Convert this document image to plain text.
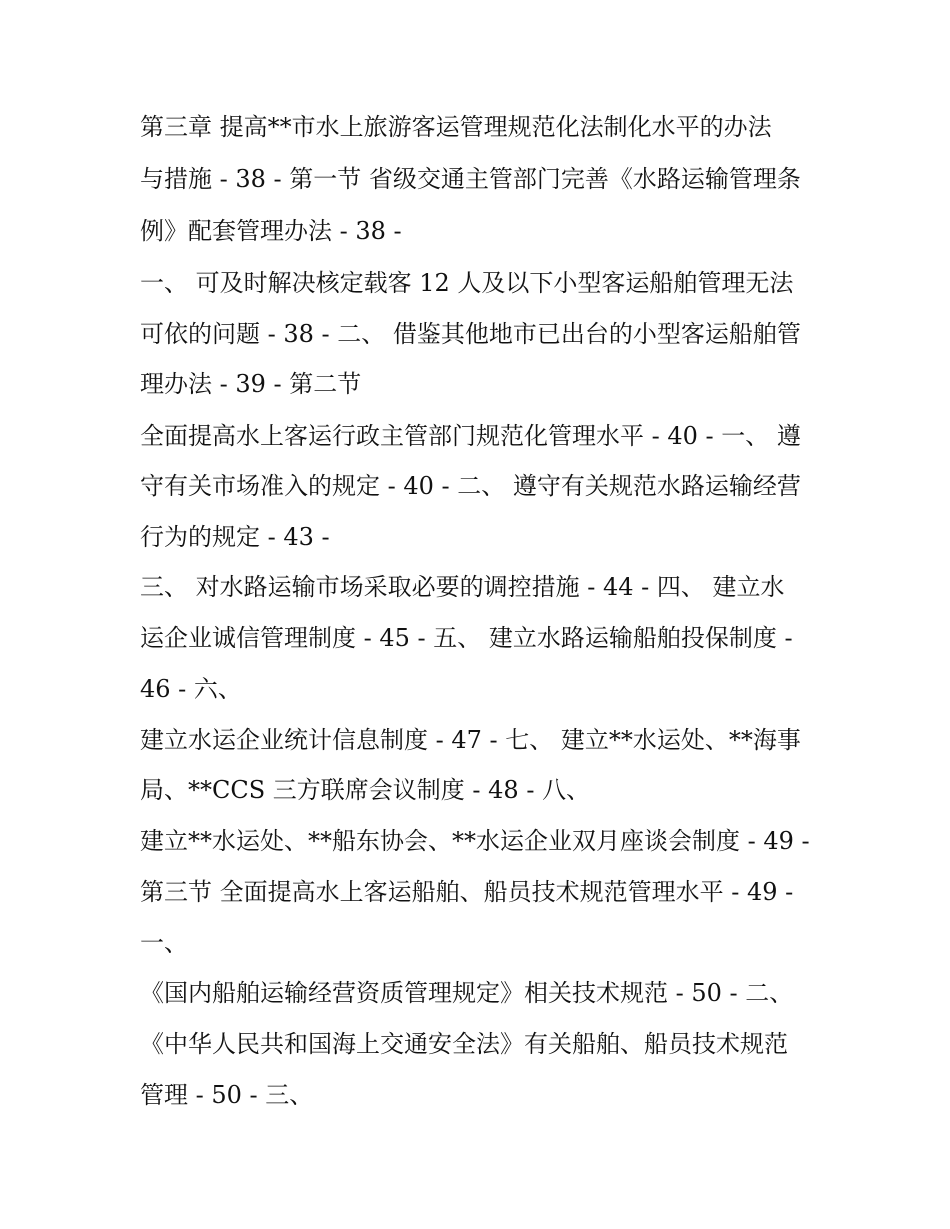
第三章 提高**市水上旅游客运管理规范化法制化水平的办法
与措施 - 38 - 第一节 省级交通主管部门完善《水路运输管理条
例》配套管理办法 - 38 -
一、 可及时解决核定载客 12 人及以下小型客运船舶管理无法
可依的问题 - 38 - 二、 借鉴其他地市已出台的小型客运船舶管
理办法 - 39 - 第二节
全面提高水上客运行政主管部门规范化管理水平 - 40 - 一、 遵
守有关市场准入的规定 - 40 - 二、 遵守有关规范水路运输经营
行为的规定 - 43 -
三、 对水路运输市场采取必要的调控措施 - 44 - 四、 建立水
运企业诚信管理制度 - 45 - 五、 建立水路运输船舶投保制度 -
46 - 六、
建立水运企业统计信息制度 - 47 - 七、 建立**水运处、**海事
局、**CCS 三方联席会议制度 - 48 - 八、
建立**水运处、**船东协会、**水运企业双月座谈会制度 - 49 -
第三节 全面提高水上客运船舶、船员技术规范管理水平 - 49 -
一、
《国内船舶运输经营资质管理规定》相关技术规范 - 50 - 二、
《中华人民共和国海上交通安全法》有关船舶、船员技术规范
管理 - 50 - 三、
